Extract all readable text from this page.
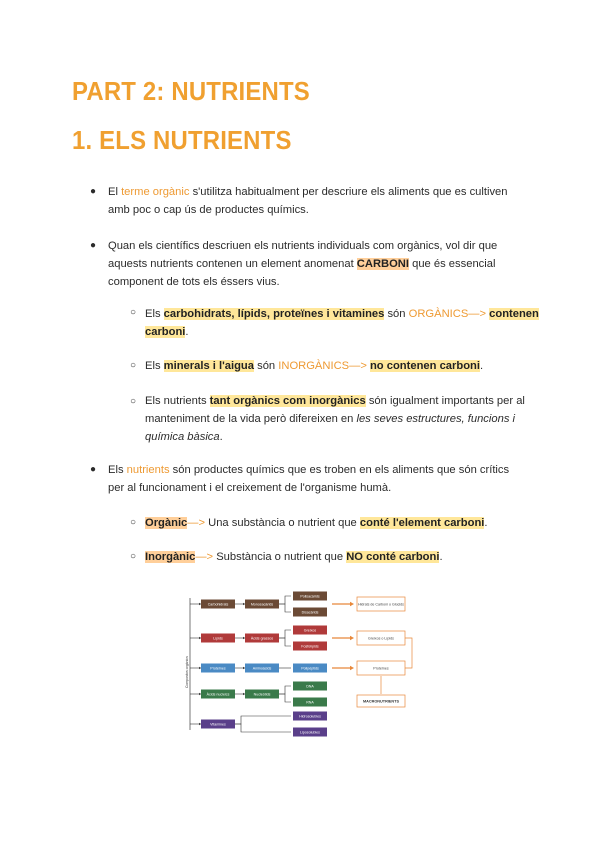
PART 2: NUTRIENTS
1. ELS NUTRIENTS
● El terme orgànic s'utilitza habitualment per descriure els aliments que es cultiven
amb poc o cap ús de productes químics.
● Quan els científics descriuen els nutrients individuals com orgànics, vol dir que
aquests nutrients contenen un element anomenat CARBONI que és essencial
component de tots els éssers vius.
○ Els carbohidrats, lípids, proteïnes i vitamines són ORGÀNICS—> contenen
carboni.
○ Els minerals i l'aigua són INORGÀNICS—> no contenen carboni.
○ Els nutrients tant orgànics com inorgànics són igualment importants per al
manteniment de la vida però difereixen en les seves estructures, funcions i
química bàsica.
● Els nutrients són productes químics que es troben en els aliments que són crítics
per al funcionament i el creixement de l'organisme humà.
○ Orgànic—> Una substància o nutrient que conté l'element carboni.
○ Inorgànic—> Substància o nutrient que NO conté carboni.
Compostos orgànics
Carbohidrats	Monosacàrids
Polisacàrids
Disacàrids
Lípids	Àcids grassos
Greixos
Fosfolípids
Proteïnes	Aminoàcids	Polipèptids
Àcids nucleics	Nucleòtids
DNA
RNA
Vitamines
Hidrosolubles
Liposolubles
Hidrats de Carboni o Glúcids
Greixos o Lípids
Proteïnes
MACRONUTRIENTS
